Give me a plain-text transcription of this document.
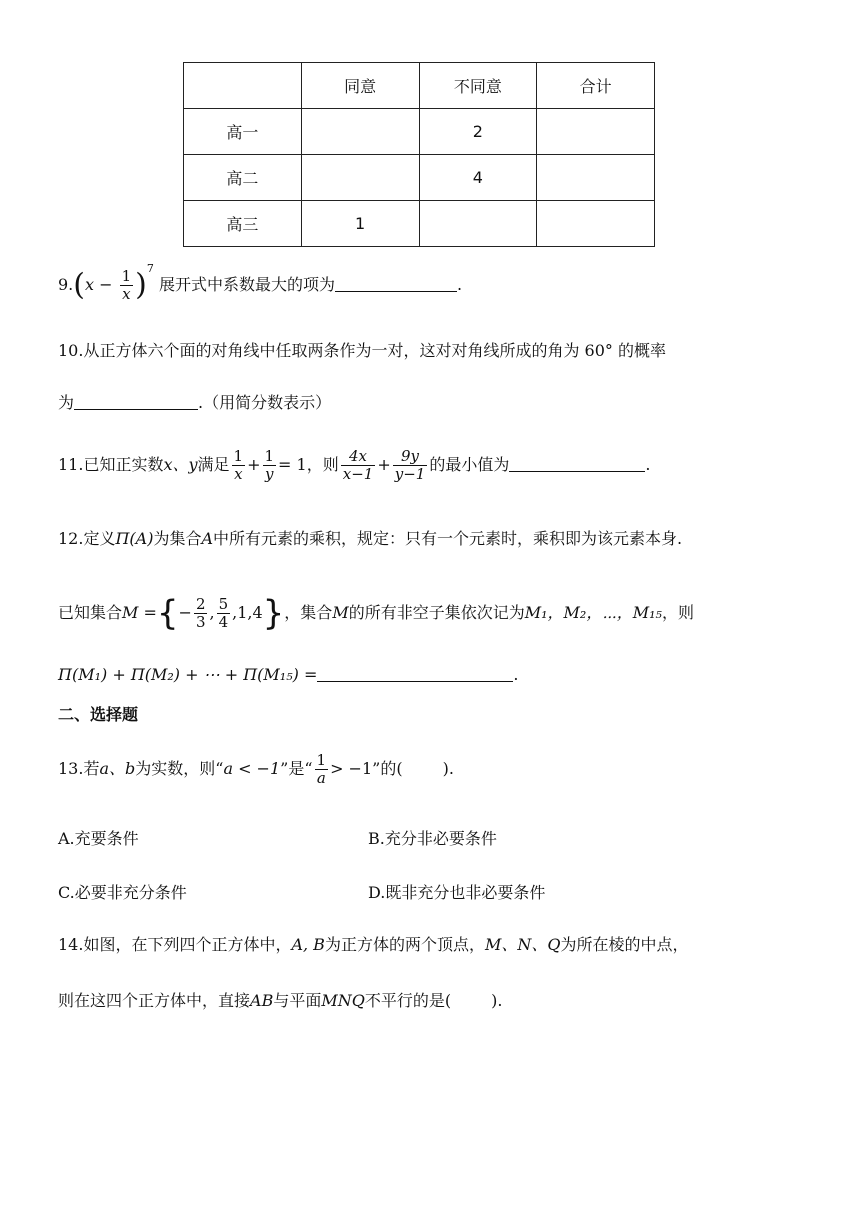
	同意	不同意	合计
高一		2	
高二		4	
高三	1		
$9.(x - \frac{1}{x} )^7$ 展开式中系数最大的项为	.
10.从正方体六个面的对角线中任取两条作为一对，这对对角线所成的角为 60° 的概率
为	.（用简分数表示）
11.已知正实数x、y满足 $\frac{1}{x} + \frac{1}{y} = 1$，则 $\frac{4x}{x-1} + \frac{9y}{y-1}$ 的最小值为	.
12.定义Π(A)为集合A中所有元素的乘积，规定：只有一个元素时，乘积即为该元素本身.
已知集合M ={− $\frac{2}{3}$ , $\frac{5}{4} ,1,4$}，集合M的所有非空子集依次记为M₁，M₂，⋯，M₁₅，则
Π(M₁) + Π(M₂) + ⋯ + Π(M₁₅) =	.
二、选择题
13.若a、b为实数，则“a < −1”是“ $\frac{1}{a} > -1$”的(	).
A.充要条件	B.充分非必要条件
C.必要非充分条件	D.既非充分也非必要条件
14.如图，在下列四个正方体中，A, B为正方体的两个顶点，M、N、Q为所在棱的中点，
则在这四个正方体中，直接AB与平面MNQ不平行的是(	).
